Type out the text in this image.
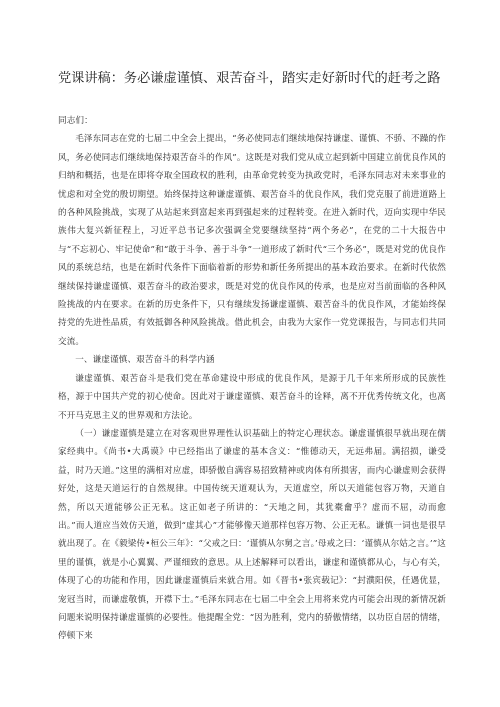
党课讲稿：务必谦虚谨慎、艰苦奋斗，踏实走好新时代的赶考之路

同志们：

毛泽东同志在党的七届二中全会上提出，“务必使同志们继续地保持谦虚、谨慎、不骄、不躁的作风，务必使同志们继续地保持艰苦奋斗的作风”。这既是对我们党从成立起到新中国建立前优良作风的归纳和概括，也是在即将夺取全国政权的胜利，由革命党转变为执政党时，毛泽东同志对未来事业的忧虑和对全党的殷切期望。始终保持这种谦虚谨慎、艰苦奋斗的优良作风，我们党克服了前进道路上的各种风险挑战，实现了从站起来到富起来再到强起来的过程转变。在进入新时代，迈向实现中华民族伟大复兴新征程上，习近平总书记多次强调全党要继续坚持“两个务必”，在党的二十大报告中与“不忘初心、牢记使命”和“敢于斗争、善于斗争”一道形成了新时代“三个务必”，既是对党的优良作风的系统总结，也是在新时代条件下面临着新的形势和新任务所提出的基本政治要求。在新时代依然继续保持谦虚谨慎、艰苦奋斗的政治要求，既是对党的优良作风的传承，也是应对当前面临的各种风险挑战的内在要求。在新的历史条件下，只有继续发扬谦虚谨慎、艰苦奋斗的优良作风，才能始终保持党的先进性品质，有效抵御各种风险挑战。借此机会，由我为大家作一党党课报告，与同志们共同交流。

一、谦虚谨慎、艰苦奋斗的科学内涵

谦虚谨慎、艰苦奋斗是我们党在革命建设中形成的优良作风，是源于几千年来所形成的民族性格，源于中国共产党的初心使命。因此对于谦虚谨慎、艰苦奋斗的诠释，离不开优秀传统文化，也离不开马克思主义的世界观和方法论。

（一）谦虚谨慎是建立在对客观世界理性认识基础上的特定心理状态。谦虚谨慎很早就出现在儒家经典中。《尚书•大禹谟》中已经指出了谦虚的基本含义：“惟德动天，无远弗届。满招损，谦受益，时乃天道。”这里的满相对应虚，即骄傲自满容易招致精神或肉体有所损害，而内心谦虚则会获得好处，这是天道运行的自然规律。中国传统天道观认为，天道虚空，所以天道能包容万物，天道自然，所以天道能够公正无私。这正如老子所讲的：“天地之间，其犹橐龠乎？虚而不屈，动而愈出。”而人道应当效仿天道，做到“虚其心”才能够像天道那样包容万物、公正无私。谦慎一词也是很早就出现了。在《毅梁传•桓公三年》：“父戒之曰：‘谨慎从尔舅之言。’母戒之曰：‘谨慎从尔姑之言。’”这里的谨慎，就是小心翼翼、严谨细致的意思。从上述解释可以看出，谦虚和谨慎都从心，与心有关，体现了心的功能和作用，因此谦虚谨慎后来就合用。如《晋书•张宾载记》：“封濮阳侯，任遇优显，宠冠当时，而谦虚敬慎，开襟下士。”毛泽东同志在七届二中全会上用将来党内可能会出现的新情况新问题来说明保持谦虚谨慎的必要性。他提醒全党：“因为胜利，党内的骄傲情绪，以功臣自居的情绪，停顿下来
